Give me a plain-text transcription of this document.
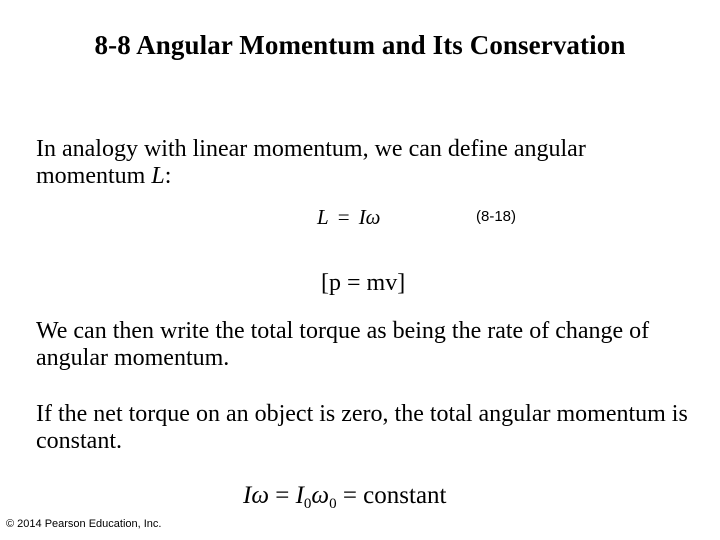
8-8 Angular Momentum and Its Conservation
In analogy with linear momentum, we can define angular momentum L:
L = Iω	(8-18)
[p = mv]
We can then write the total torque as being the rate of change of angular momentum.
If the net torque on an object is zero, the total angular momentum is constant.
$I\omega = I_0\omega_0$ = constant
© 2014 Pearson Education, Inc.
